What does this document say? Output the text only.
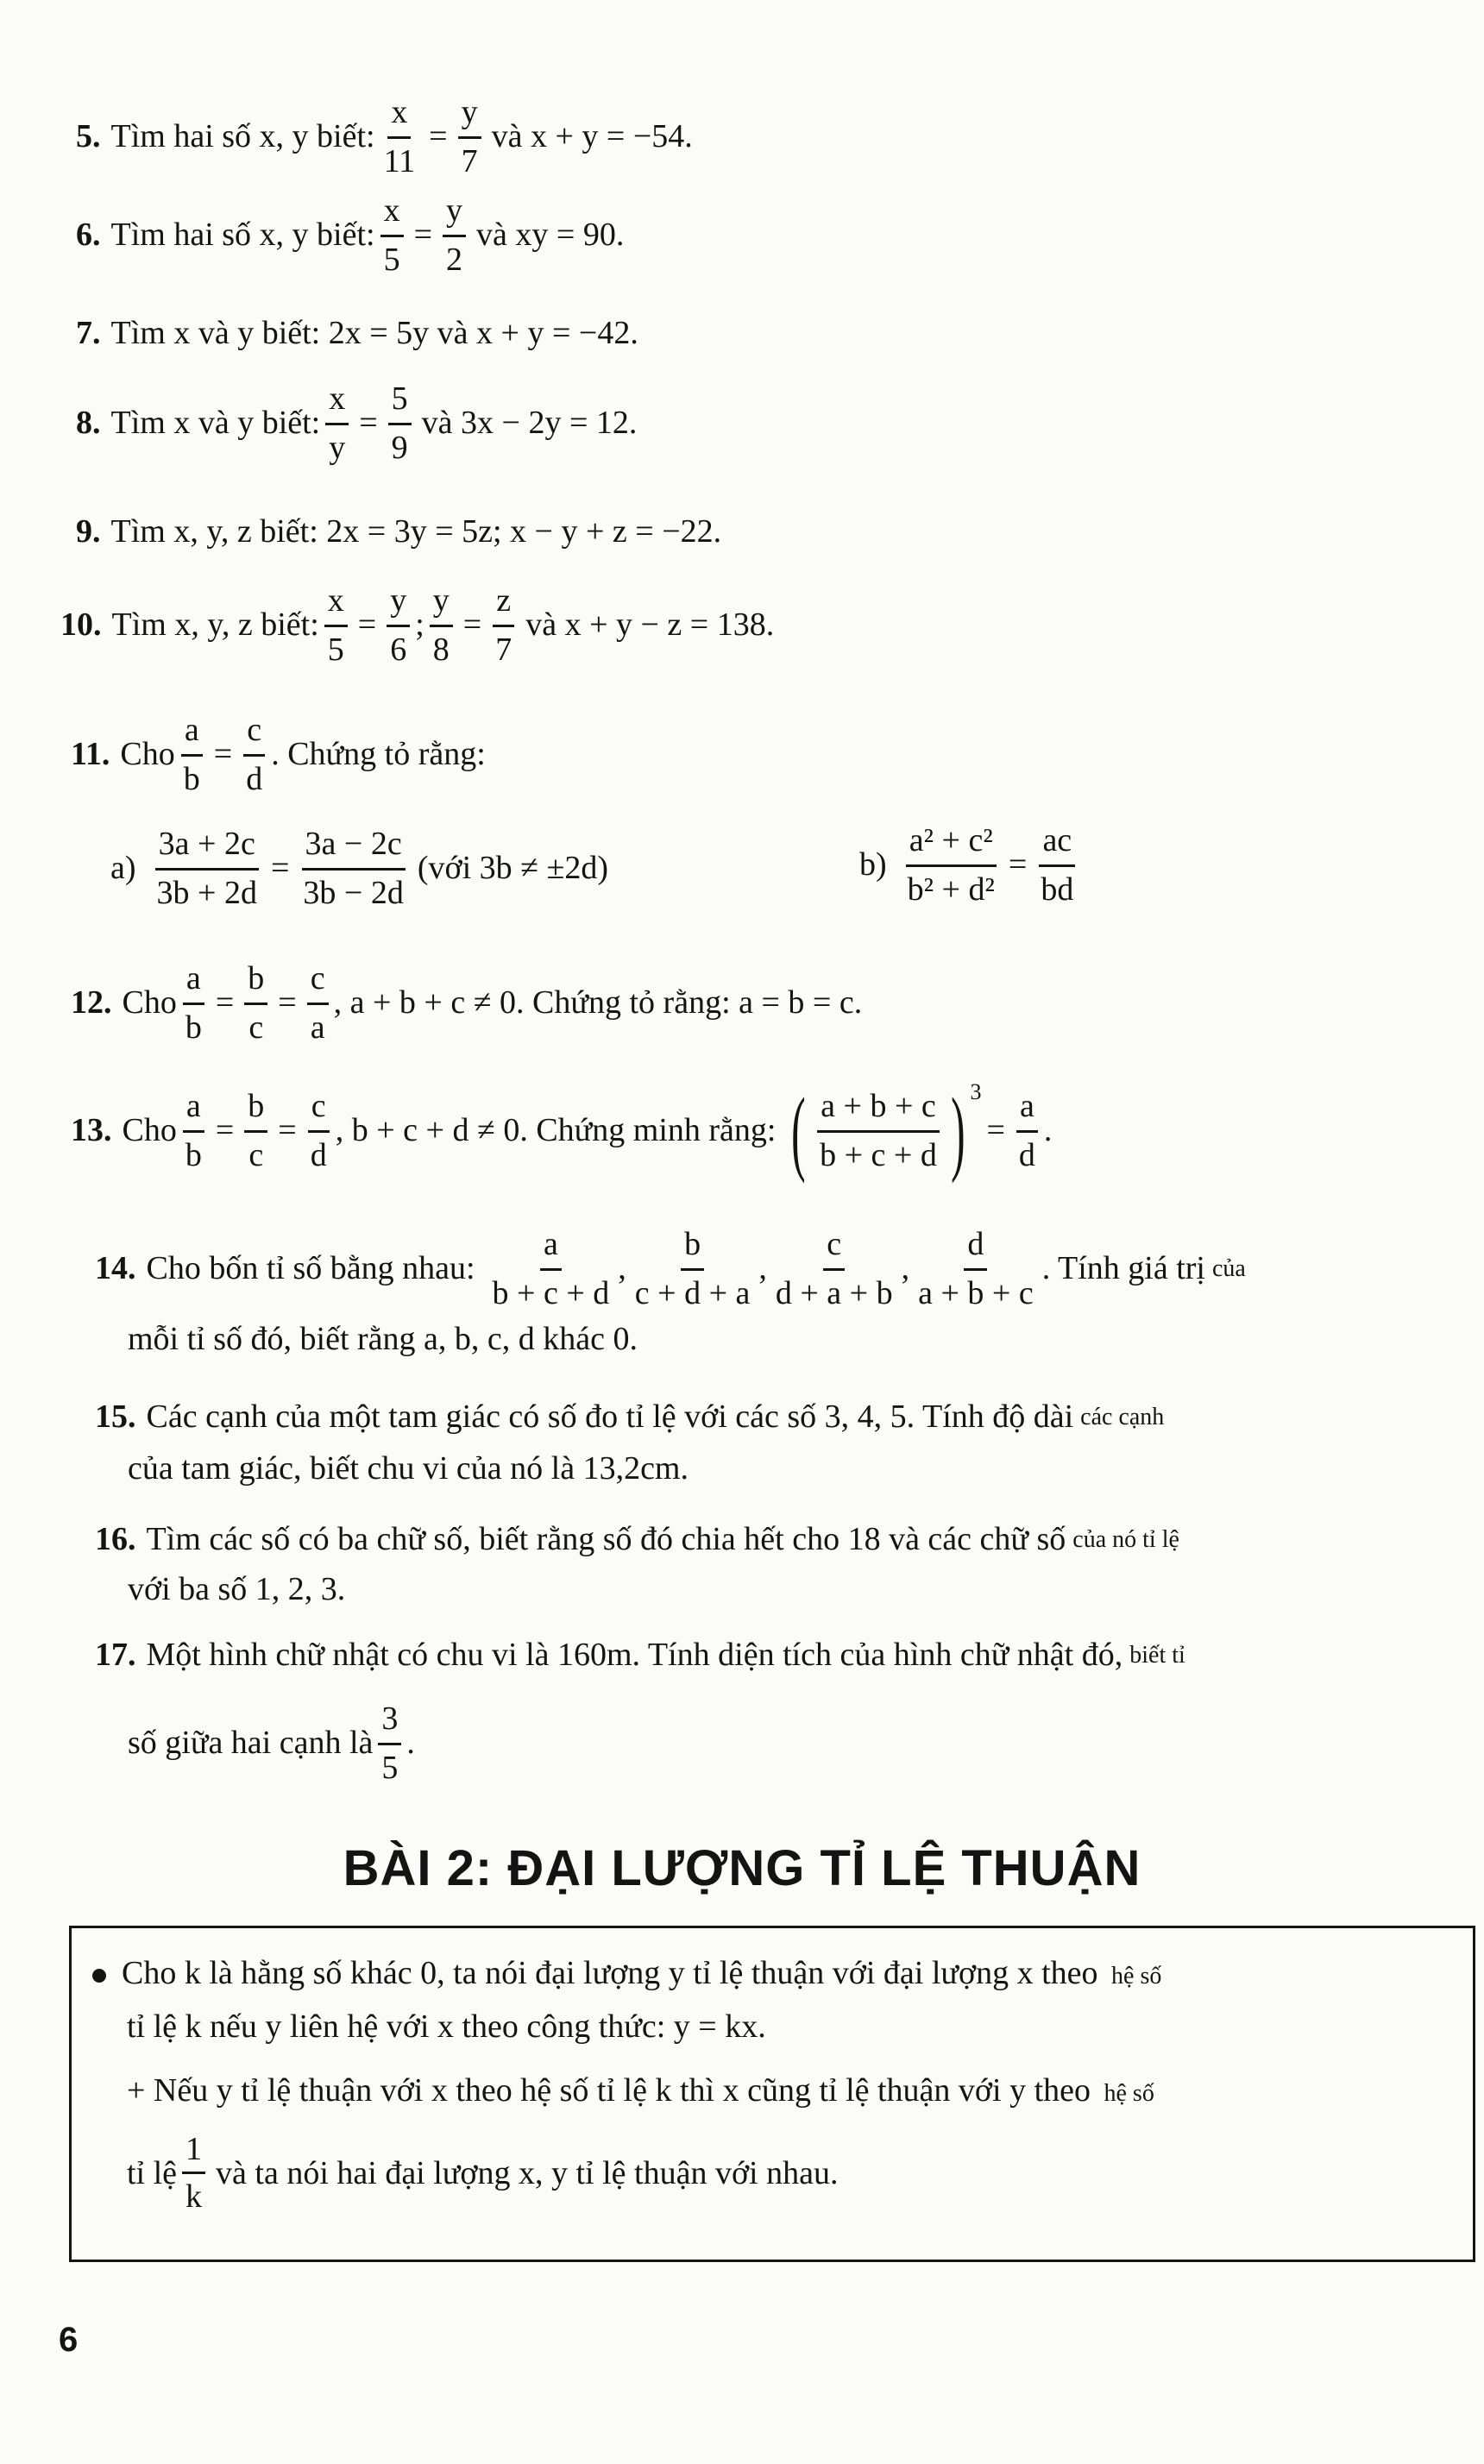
5. Tìm hai số x, y biết: $\frac{x}{11} = \frac{y}{7}$ và x + y = −54.
6. Tìm hai số x, y biết: $\frac{x}{5} = \frac{y}{2}$ và xy = 90.
7. Tìm x và y biết: 2x = 5y và x + y = −42.
8. Tìm x và y biết: $\frac{x}{y} = \frac{5}{9}$ và 3x − 2y = 12.
9. Tìm x, y, z biết: 2x = 3y = 5z; x − y + z = −22.
10. Tìm x, y, z biết: $\frac{x}{5} = \frac{y}{6}$ ; $\frac{y}{8} = \frac{z}{7}$ và x + y − z = 138.
11. Cho $\frac{a}{b} = \frac{c}{d}$ . Chứng tỏ rằng:
$a) \frac{3a + 2c}{3b + 2d} = \frac{3a - 2c}{3b - 2d}$ (với 3b ≠ ±2d)	$b) \frac{\text{a² + c²}}{\text{b² + d²}} = \frac{ac}{bd}$
12. Cho $\frac{a}{b} = \frac{b}{c} = \frac{c}{a}$ , a + b + c ≠ 0. Chứng tỏ rằng: a = b = c.
13. Cho $\frac{a}{b} = \frac{b}{c} = \frac{c}{d}$ , b + c + d ≠ 0. Chứng minh rằng: ( $\frac{a + b + c}{b + c + d}$ ) 3
= $\frac{a}{d}$ .
14. Cho bốn tỉ số bằng nhau: $\frac{a}{b + c + d}$ , $\frac{b}{c + d + a}$ , $\frac{c}{d + a + b}$ , $\frac{d}{a + b + c}$ . Tính giá trị của
mỗi tỉ số đó, biết rằng a, b, c, d khác 0.
15. Các cạnh của một tam giác có số đo tỉ lệ với các số 3, 4, 5. Tính độ dài các cạnh
của tam giác, biết chu vi của nó là 13,2cm.
16. Tìm các số có ba chữ số, biết rằng số đó chia hết cho 18 và các chữ số của nó tỉ lệ
với ba số 1, 2, 3.
17. Một hình chữ nhật có chu vi là 160m. Tính diện tích của hình chữ nhật đó, biết tỉ
số giữa hai cạnh là $\frac{3}{5}$ .
BÀI 2: ĐẠI LƯỢNG TỈ LỆ THUẬN
Cho k là hằng số khác 0, ta nói đại lượng y tỉ lệ thuận với đại lượng x theo hệ số
tỉ lệ k nếu y liên hệ với x theo công thức: y = kx.
+ Nếu y tỉ lệ thuận với x theo hệ số tỉ lệ k thì x cũng tỉ lệ thuận với y theo hệ số
tỉ lệ $\frac{1}{k}$ và ta nói hai đại lượng x, y tỉ lệ thuận với nhau.
6
